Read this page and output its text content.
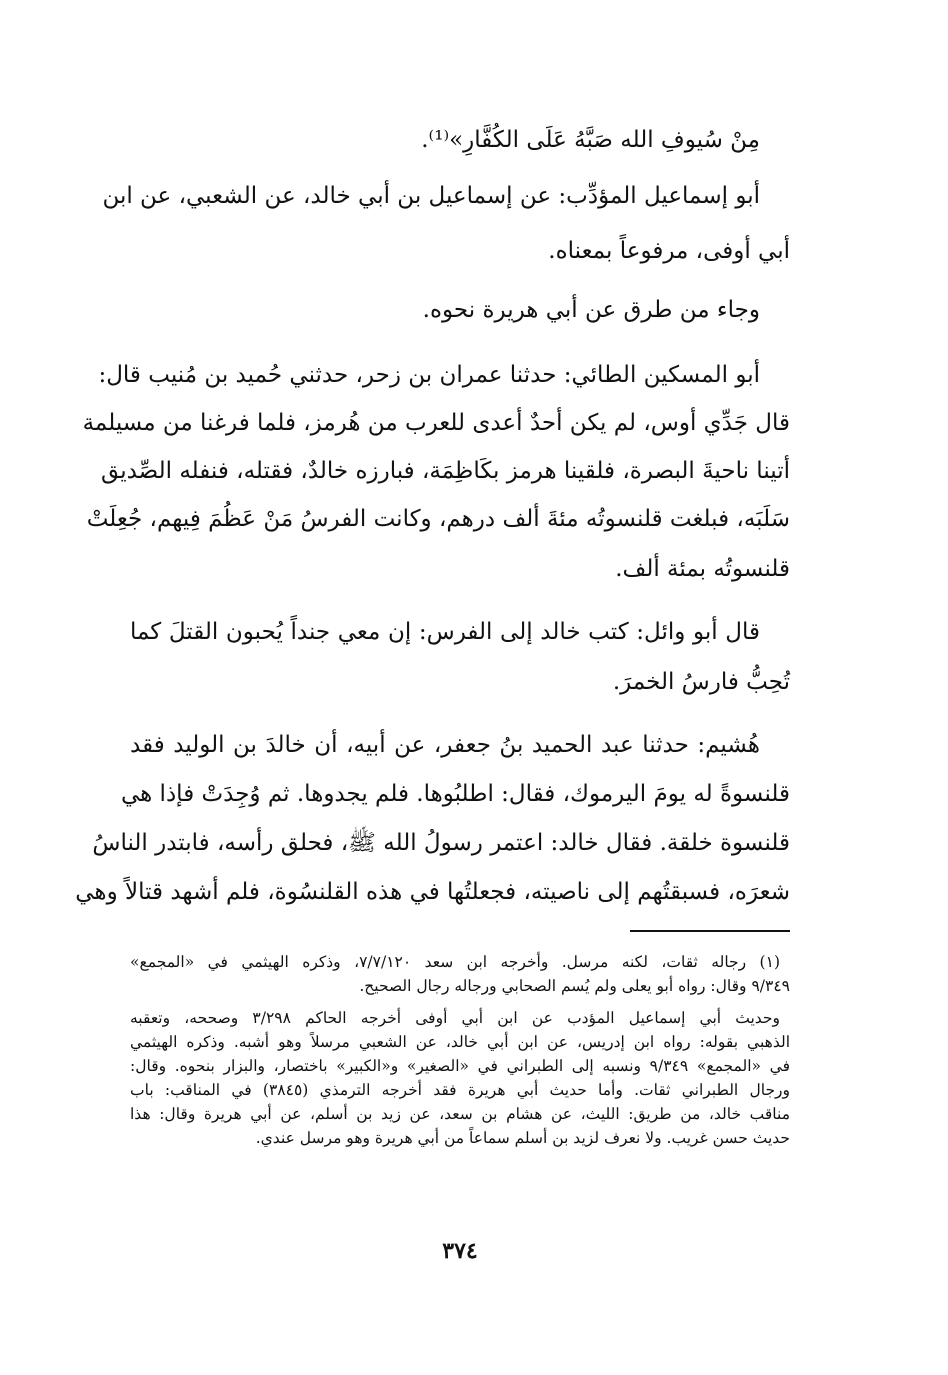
مِنْ سُيوفِ الله صَبَّهُ عَلَى الكُفَّارِ»⁽¹⁾.
أبو إسماعيل المؤدِّب: عن إسماعيل بن أبي خالد، عن الشعبي، عن ابن
أبي أوفى، مرفوعاً بمعناه.
وجاء من طرق عن أبي هريرة نحوه.
أبو المسكين الطائي: حدثنا عمران بن زحر، حدثني حُميد بن مُنيب قال:
قال جَدِّي أوس، لم يكن أحدٌ أعدى للعرب من هُرمز، فلما فرغنا من مسيلمة
أتينا ناحيةَ البصرة، فلقينا هرمز بكَاظِمَة، فبارزه خالدٌ، فقتله، فنفله الصِّديق
سَلَبَه، فبلغت قلنسوتُه مئةَ ألف درهم، وكانت الفرسُ مَنْ عَظُمَ فِيهم، جُعِلَتْ
قلنسوتُه بمئة ألف.
قال أبو وائل: كتب خالد إلى الفرس: إن معي جنداً يُحبون القتلَ كما
تُحِبُّ فارسُ الخمرَ.
هُشيم: حدثنا عبد الحميد بنُ جعفر، عن أبيه، أن خالدَ بن الوليد فقد
قلنسوةً له يومَ اليرموك، فقال: اطلبُوها. فلم يجدوها. ثم وُجِدَتْ فإذا هي
قلنسوة خلقة. فقال خالد: اعتمر رسولُ الله ﷺ، فحلق رأسه، فابتدر الناسُ
شعرَه، فسبقتُهم إلى ناصيته، فجعلتُها في هذه القلنسُوة، فلم أشهد قتالاً وهي
(١) رجاله ثقات، لكنه مرسل. وأخرجه ابن سعد ٧/٧/١٢٠، وذكره الهيثمي في «المجمع»
٩/٣٤٩ وقال: رواه أبو يعلى ولم يُسم الصحابي ورجاله رجال الصحيح.
وحديث أبي إسماعيل المؤدب عن ابن أبي أوفى أخرجه الحاكم ٣/٢٩٨ وصححه، وتعقبه
الذهبي بقوله: رواه ابن إدريس، عن ابن أبي خالد، عن الشعبي مرسلاً وهو أشبه. وذكره الهيثمي
في «المجمع» ٩/٣٤٩ ونسبه إلى الطبراني في «الصغير» و«الكبير» باختصار، والبزار بنحوه. وقال:
ورجال الطبراني ثقات. وأما حديث أبي هريرة فقد أخرجه الترمذي (٣٨٤٥) في المناقب: باب
مناقب خالد، من طريق: الليث، عن هشام بن سعد، عن زيد بن أسلم، عن أبي هريرة وقال: هذا
حديث حسن غريب. ولا نعرف لزيد بن أسلم سماعاً من أبي هريرة وهو مرسل عندي.
٣٧٤
